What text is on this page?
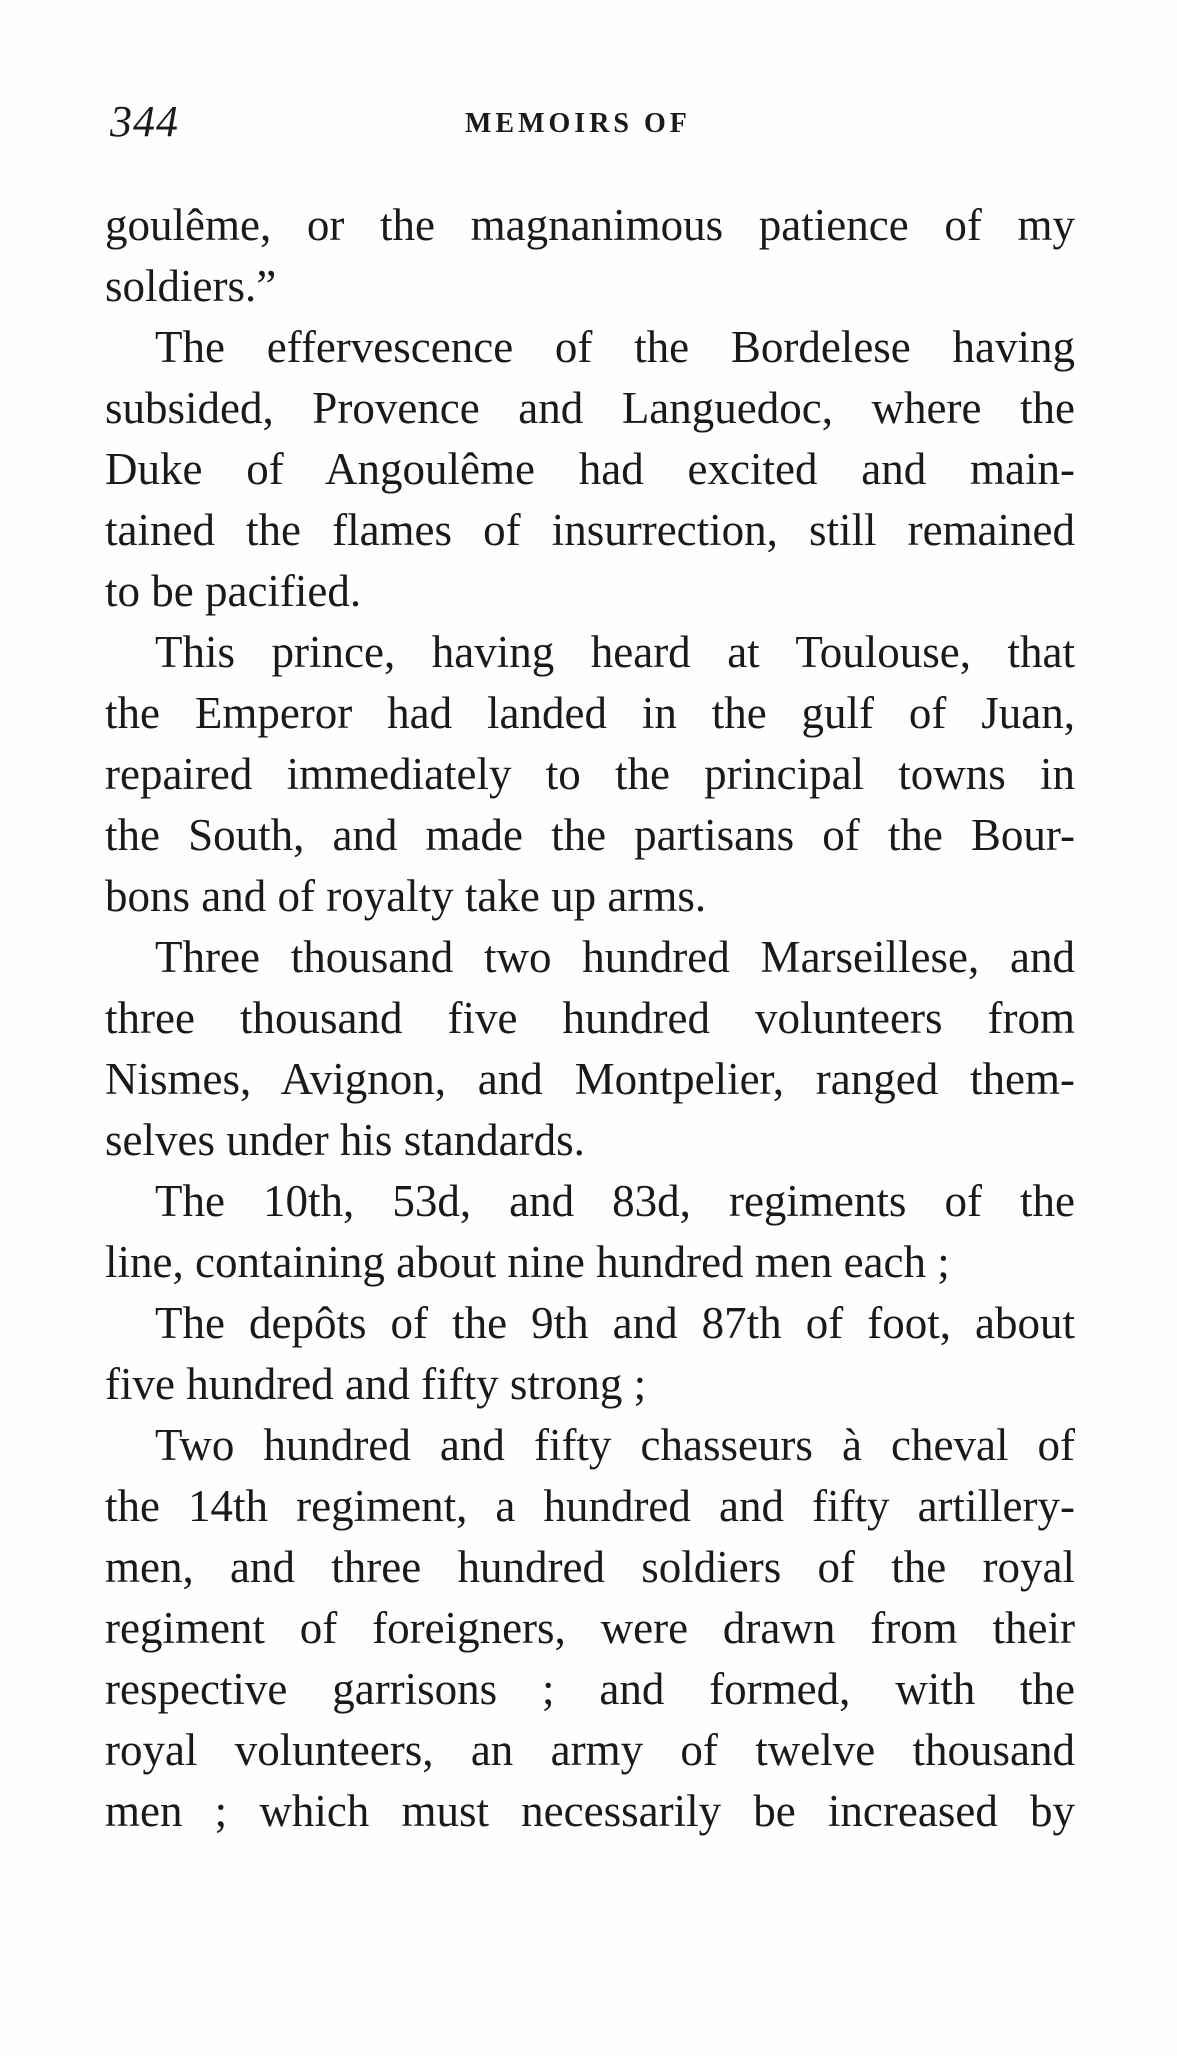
344	MEMOIRS OF
goulême, or the magnanimous patience of my
soldiers.”
The effervescence of the Bordelese having
subsided, Provence and Languedoc, where the
Duke of Angoulême had excited and main-
tained the flames of insurrection, still remained
to be pacified.
This prince, having heard at Toulouse, that
the Emperor had landed in the gulf of Juan,
repaired immediately to the principal towns in
the South, and made the partisans of the Bour-
bons and of royalty take up arms.
Three thousand two hundred Marseillese, and
three thousand five hundred volunteers from
Nismes, Avignon, and Montpelier, ranged them-
selves under his standards.
The 10th, 53d, and 83d, regiments of the
line, containing about nine hundred men each ;
The depôts of the 9th and 87th of foot, about
five hundred and fifty strong ;
Two hundred and fifty chasseurs à cheval of
the 14th regiment, a hundred and fifty artillery-
men, and three hundred soldiers of the royal
regiment of foreigners, were drawn from their
respective garrisons ; and formed, with the
royal volunteers, an army of twelve thousand
men ; which must necessarily be increased by
